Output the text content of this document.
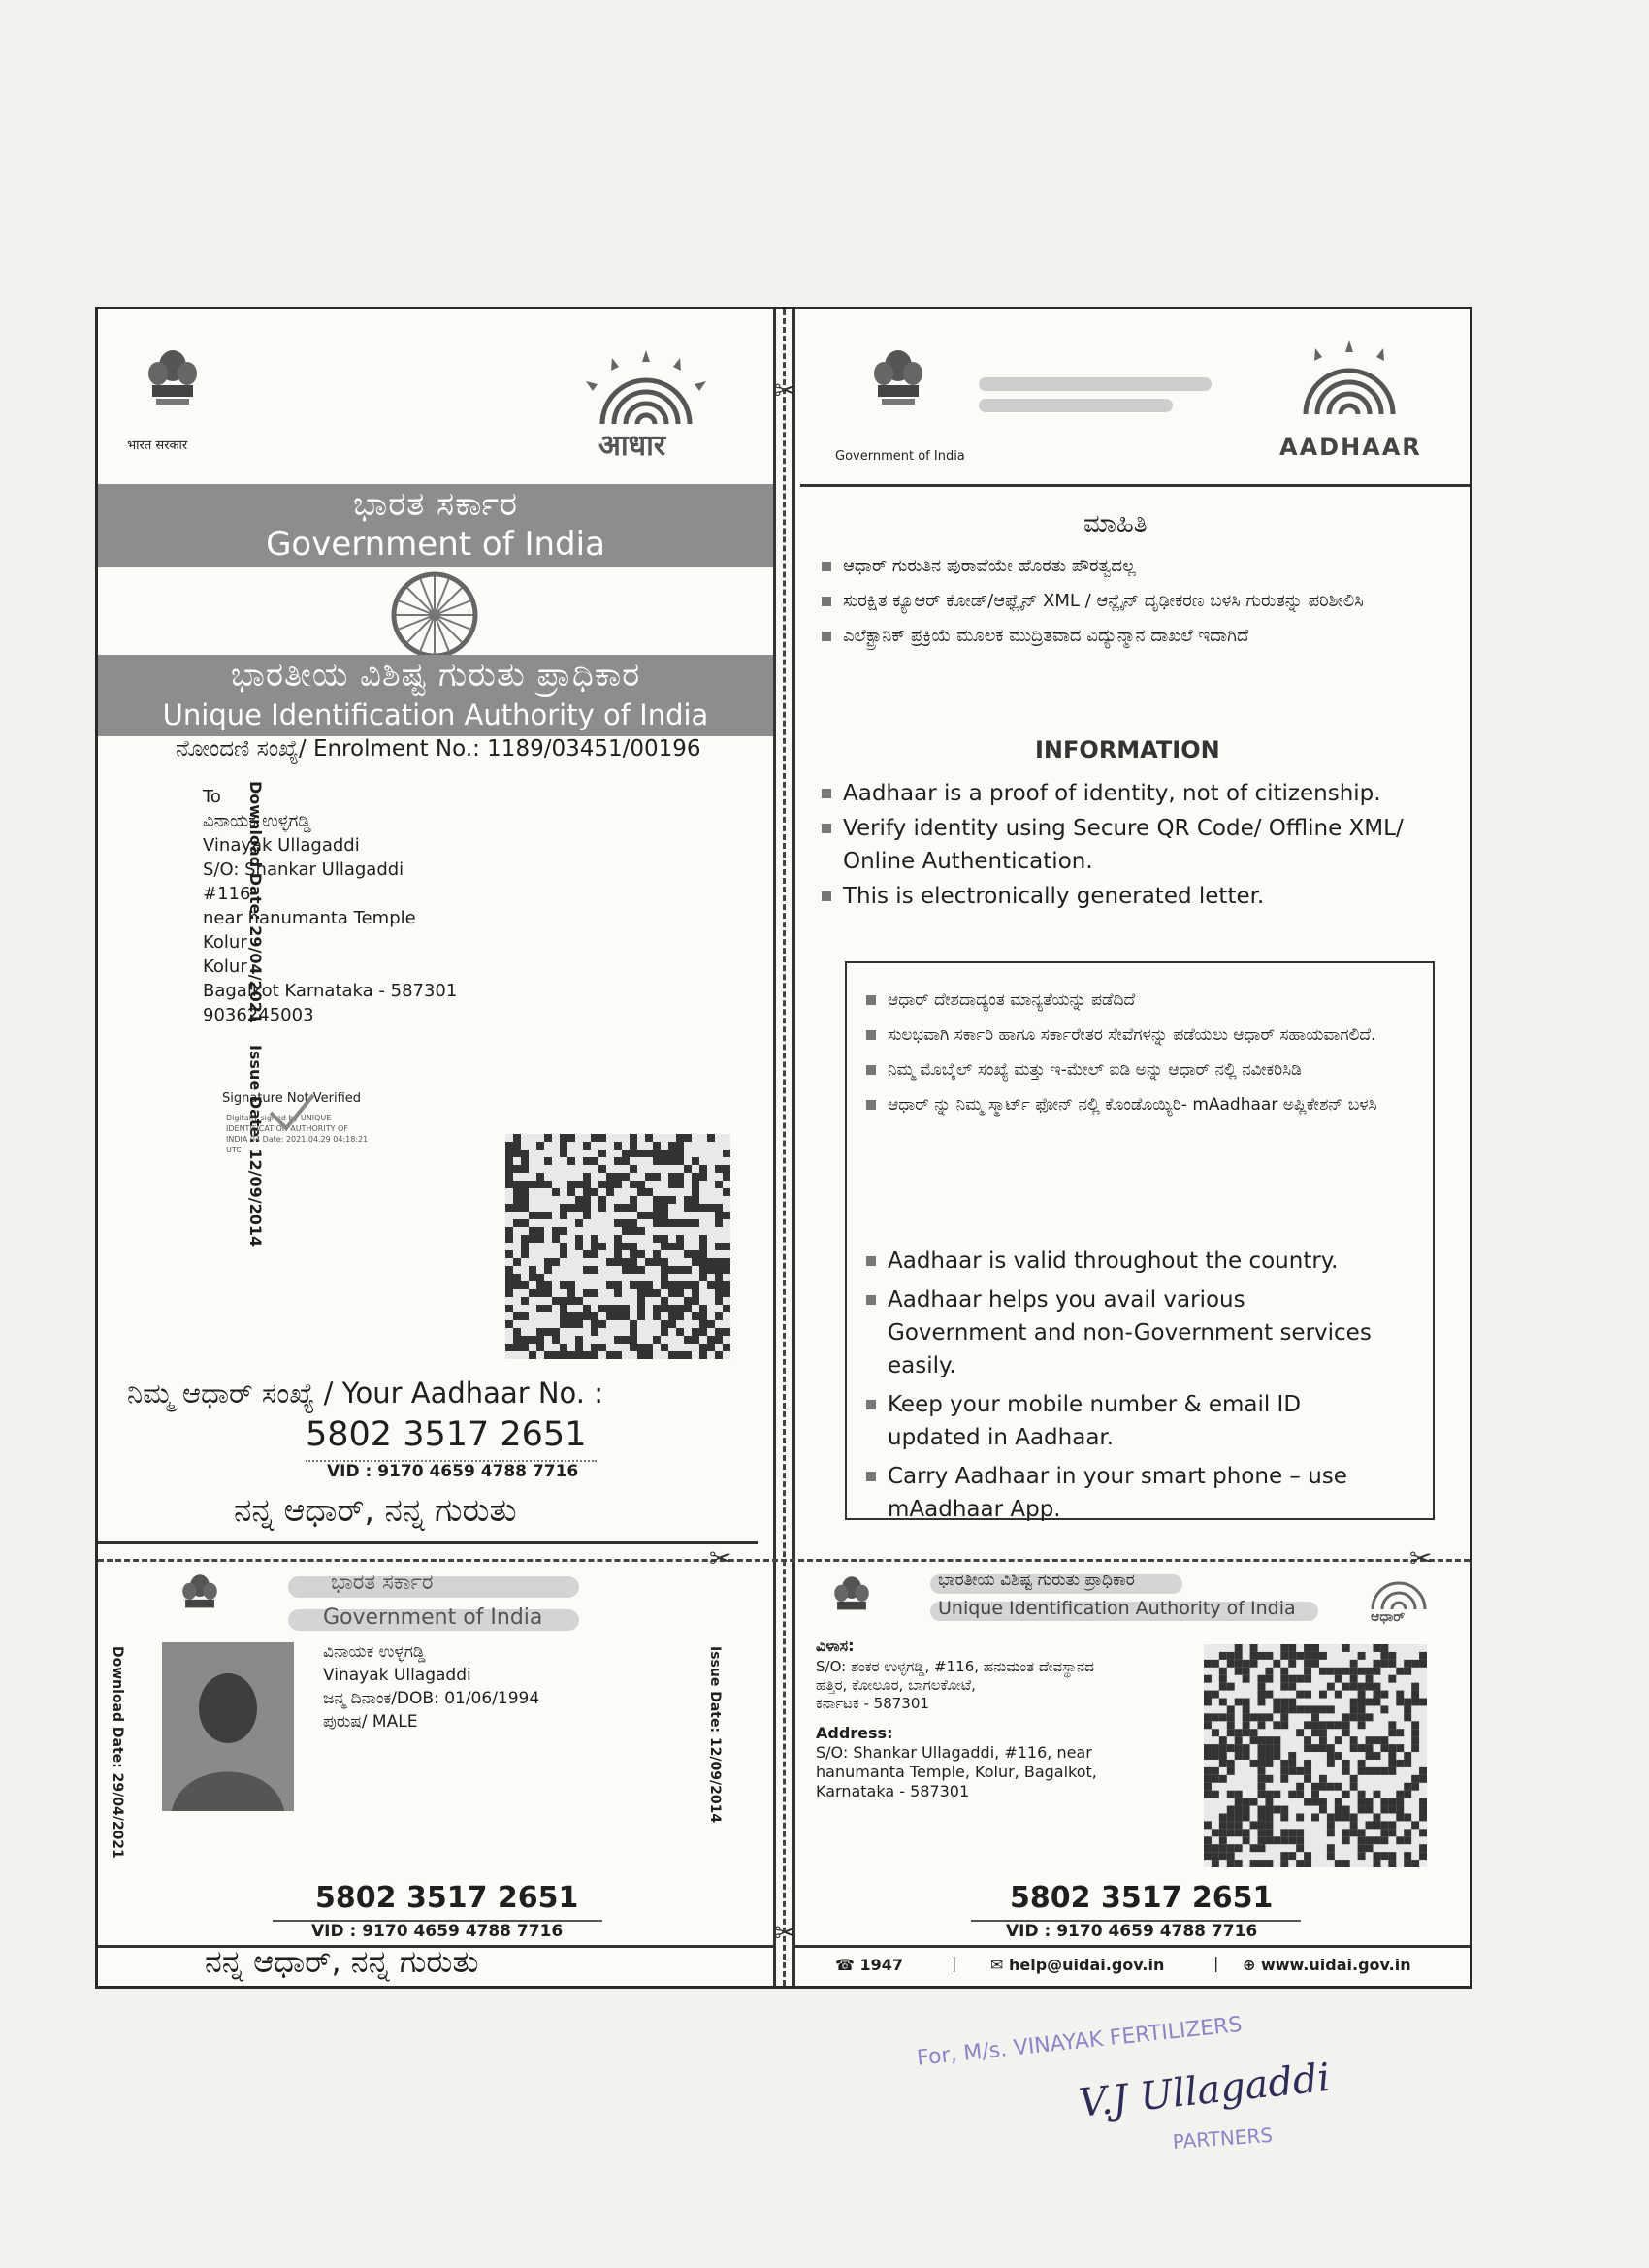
✂
✂
भारत सरकार	आधार
ಭಾರತ ಸರ್ಕಾರ
Government of India
ಭಾರತೀಯ ವಿಶಿಷ್ಟ ಗುರುತು ಪ್ರಾಧಿಕಾರ
Unique Identification Authority of India
ನೋಂದಣಿ ಸಂಖ್ಯೆ/ Enrolment No.: 1189/03451/00196
Download Date: 29/04/2021
Issue Date: 12/09/2014
To
ವಿನಾಯಕ ಉಳ್ಳಗಡ್ಡಿ
Vinayak Ullagaddi
S/O: Shankar Ullagaddi
#116
near hanumanta Temple
Kolur
Kolur
Bagalkot Karnataka - 587301
9036245003
Signature Not Verified
Digitally signed by UNIQUE IDENTIFICATION AUTHORITY OF INDIA 04 Date: 2021.04.29 04:18:21 UTC
ನಿಮ್ಮ ಆಧಾರ್ ಸಂಖ್ಯೆ / Your Aadhaar No. :
5802 3517 2651
VID : 9170 4659 4788 7716
ನನ್ನ ಆಧಾರ್, ನನ್ನ ಗುರುತು
Government of India	AADHAAR
ಮಾಹಿತಿ
ಆಧಾರ್ ಗುರುತಿನ ಪುರಾವೆಯೇ ಹೊರತು ಪೌರತ್ವದಲ್ಲ
ಸುರಕ್ಷಿತ ಕ್ಯೂಆರ್ ಕೋಡ್/ಆಫ್ಲೈನ್ XML / ಆನ್ಲೈನ್ ದೃಢೀಕರಣ ಬಳಸಿ ಗುರುತನ್ನು ಪರಿಶೀಲಿಸಿ
ಎಲೆಕ್ಟ್ರಾನಿಕ್ ಪ್ರಕ್ರಿಯೆ ಮೂಲಕ ಮುದ್ರಿತವಾದ ವಿದ್ಯುನ್ಮಾನ ದಾಖಲೆ ಇದಾಗಿದೆ
INFORMATION
Aadhaar is a proof of identity, not of citizenship.
Verify identity using Secure QR Code/ Offline XML/ Online Authentication.
This is electronically generated letter.
ಆಧಾರ್ ದೇಶದಾದ್ಯಂತ ಮಾನ್ಯತೆಯನ್ನು ಪಡೆದಿದೆ
ಸುಲಭವಾಗಿ ಸರ್ಕಾರಿ ಹಾಗೂ ಸರ್ಕಾರೇತರ ಸೇವೆಗಳನ್ನು ಪಡೆಯಲು ಆಧಾರ್ ಸಹಾಯವಾಗಲಿದೆ.
ನಿಮ್ಮ ಮೊಬೈಲ್ ಸಂಖ್ಯೆ ಮತ್ತು ಇ-ಮೇಲ್ ಐಡಿ ಅನ್ನು ಆಧಾರ್ ನಲ್ಲಿ ನವೀಕರಿಸಿಡಿ
ಆಧಾರ್ ನ್ನು ನಿಮ್ಮ ಸ್ಮಾರ್ಟ್ ಫೋನ್ ನಲ್ಲಿ ಕೊಂಡೊಯ್ಯಿರಿ- mAadhaar ಅಪ್ಲಿಕೇಶನ್ ಬಳಸಿ
Aadhaar is valid throughout the country.
Aadhaar helps you avail various Government and non-Government services easily.
Keep your mobile number & email ID updated in Aadhaar.
Carry Aadhaar in your smart phone – use mAadhaar App.
✂	✂
ಭಾರತ ಸರ್ಕಾರ
Government of India
Download Date: 29/04/2021	Issue Date: 12/09/2014
ವಿನಾಯಕ ಉಳ್ಳಗಡ್ಡಿ
Vinayak Ullagaddi
ಜನ್ಮ ದಿನಾಂಕ/DOB: 01/06/1994
ಪುರುಷ/ MALE
5802 3517 2651
VID : 9170 4659 4788 7716
ನನ್ನ ಆಧಾರ್, ನನ್ನ ಗುರುತು
ಭಾರತೀಯ ವಿಶಿಷ್ಟ ಗುರುತು ಪ್ರಾಧಿಕಾರ
Unique Identification Authority of India	ಆಧಾರ್
ವಿಳಾಸ:
S/O: ಶಂಕರ ಉಳ್ಳಗಡ್ಡಿ, #116, ಹನುಮಂತ ದೇವಸ್ಥಾನದ
ಹತ್ತಿರ, ಕೋಲೂರ, ಬಾಗಲಕೋಟೆ,
ಕರ್ನಾಟಕ - 587301
Address:
S/O: Shankar Ullagaddi, #116, near
hanumanta Temple, Kolur, Bagalkot,
Karnataka - 587301
5802 3517 2651
VID : 9170 4659 4788 7716
☎ 1947	| ✉ help@uidai.gov.in	| ⊕ www.uidai.gov.in
For, M/s. VINAYAK FERTILIZERS
V.J Ullagaddi
PARTNERS
